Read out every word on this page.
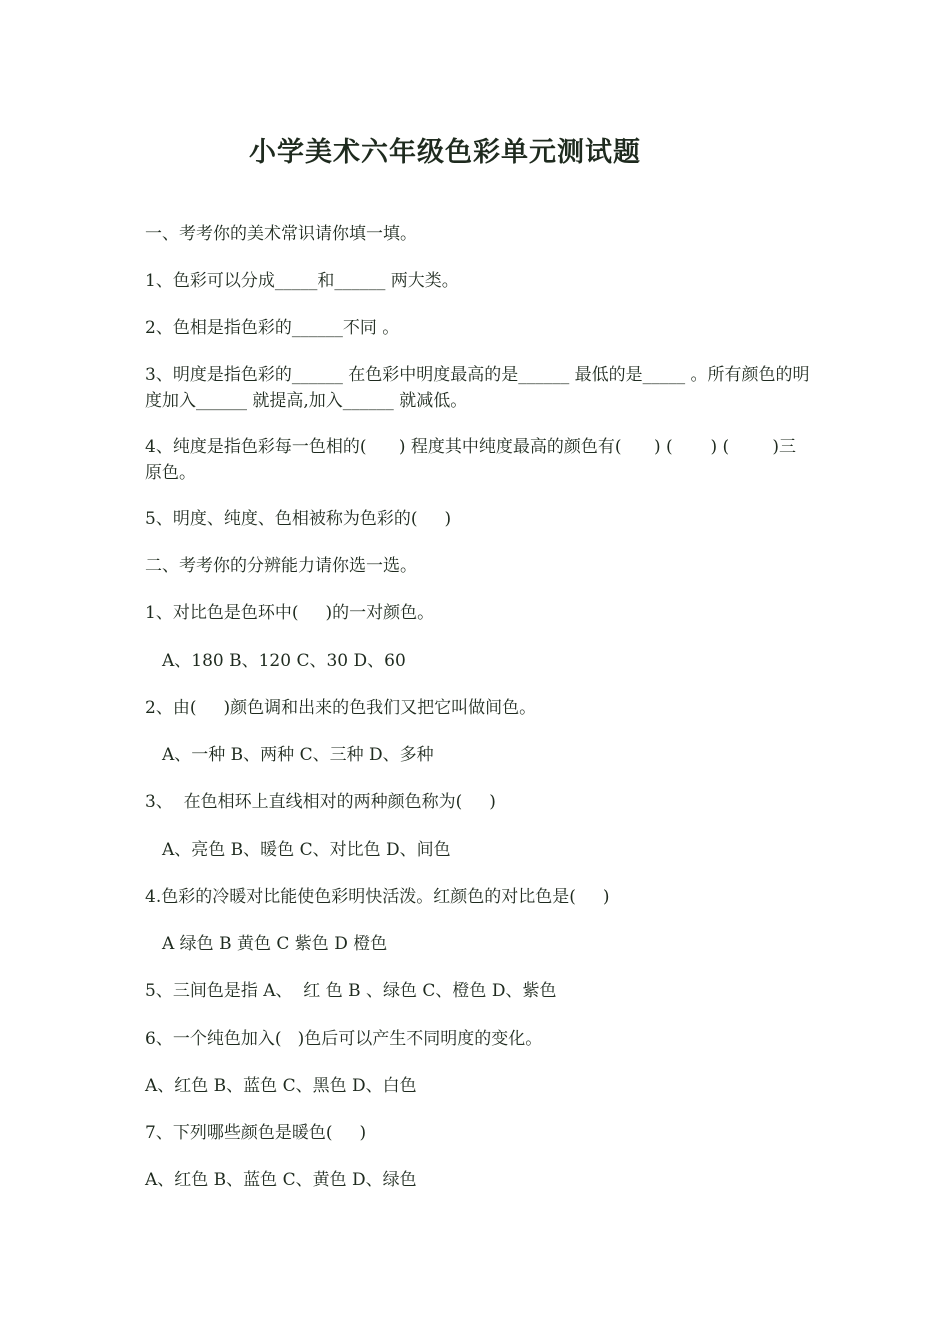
小学美术六年级色彩单元测试题
一、考考你的美术常识请你填一填。
1、色彩可以分成_____和______ 两大类。
2、色相是指色彩的______不同 。
3、明度是指色彩的______ 在色彩中明度最高的是______ 最低的是_____ 。所有颜色的明度加入______ 就提高,加入______ 就减低。
4、纯度是指色彩每一色相的(      ) 程度其中纯度最高的颜色有(      ) (       ) (        )三原色。
5、明度、纯度、色相被称为色彩的(     )
二、考考你的分辨能力请你选一选。
1、对比色是色环中(     )的一对颜色。
A、180 B、120 C、30 D、60
2、由(     )颜色调和出来的色我们又把它叫做间色。
A、一种 B、两种 C、三种 D、多种
3、  在色相环上直线相对的两种颜色称为(     )
A、亮色 B、暖色 C、对比色 D、间色
4.色彩的冷暖对比能使色彩明快活泼。红颜色的对比色是(     )
A 绿色 B 黄色 C 紫色 D 橙色
5、三间色是指 A、  红 色 B 、绿色 C、橙色 D、紫色
6、一个纯色加入(   )色后可以产生不同明度的变化。
A、红色 B、蓝色 C、黑色 D、白色
7、下列哪些颜色是暖色(     )
A、红色 B、蓝色 C、黄色 D、绿色
